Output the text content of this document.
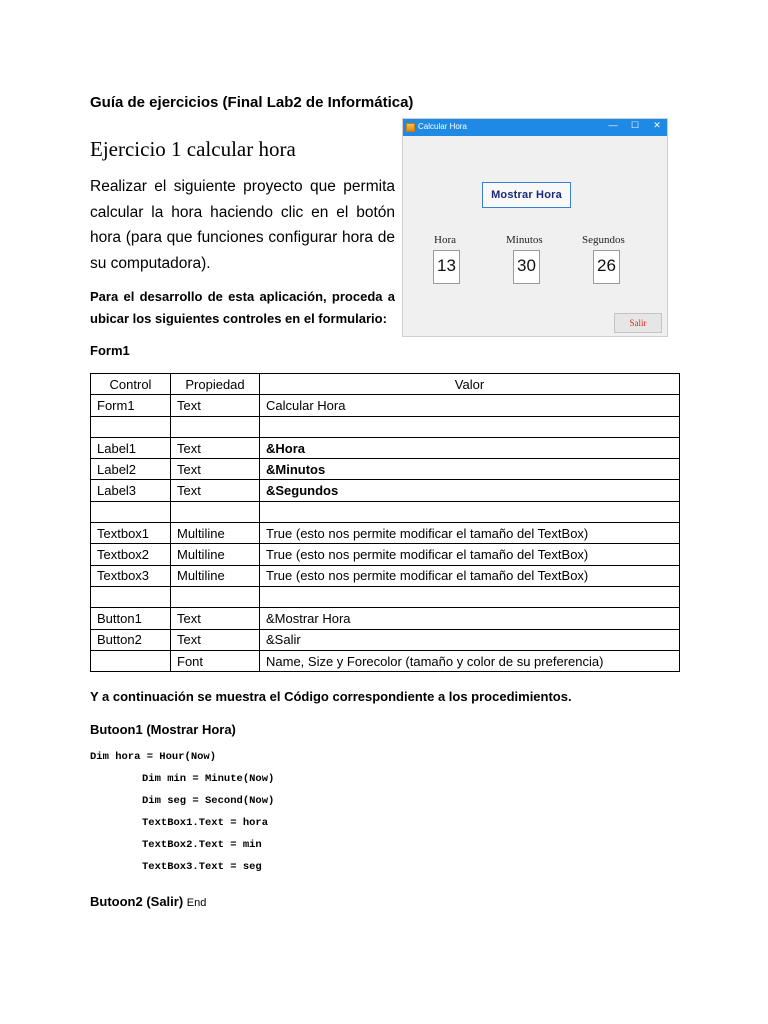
Guía de ejercicios (Final Lab2 de Informática)
Ejercicio 1 calcular hora
Realizar el siguiente proyecto que permita calcular la hora haciendo clic en el botón hora (para que funciones configurar hora de su computadora).
Para el desarrollo de esta aplicación, proceda a ubicar los siguientes controles en el formulario:
Form1
Calcular Hora	—	☐	✕
Mostrar Hora
Hora	Minutos	Segundos
13	30	26
Salir
Control	Propiedad	Valor
Form1	Text	Calcular Hora

Label1	Text	&Hora
Label2	Text	&Minutos
Label3	Text	&Segundos

Textbox1	Multiline	True (esto nos permite modificar el tamaño del TextBox)
Textbox2	Multiline	True (esto nos permite modificar el tamaño del TextBox)
Textbox3	Multiline	True (esto nos permite modificar el tamaño del TextBox)

Button1	Text	&Mostrar Hora
Button2	Text	&Salir
	Font	Name, Size y Forecolor (tamaño y color de su preferencia)
Y a continuación se muestra el Código correspondiente a los procedimientos.
Butoon1 (Mostrar Hora)
Dim hora = Hour(Now)
Dim min = Minute(Now)
Dim seg = Second(Now)
TextBox1.Text = hora
TextBox2.Text = min
TextBox3.Text = seg
Butoon2 (Salir) End
